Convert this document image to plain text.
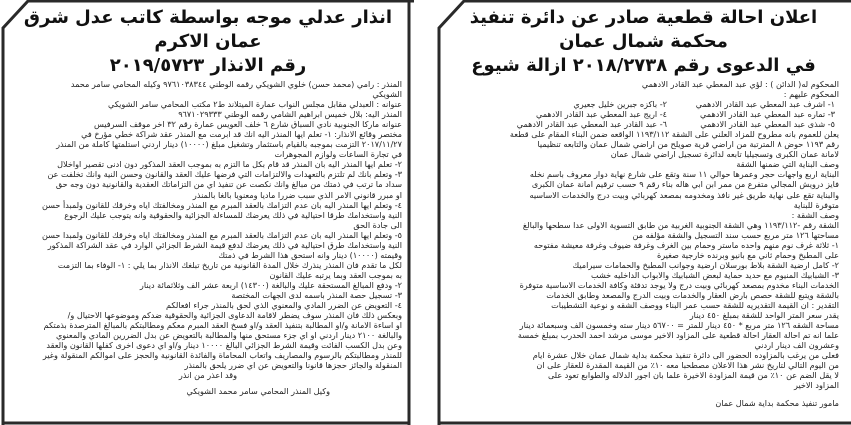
انذار عدلي موجه بواسطة كاتب عدل شرق عمان الاكرم
رقم الانذار ٢٠١٩/٥٧٢٣

المنذر : رامي (محمد حسن) خلوي الشويكي رقمه الوطني ٩٧٦١٠٣٨٣٤٤ وكيله المحامي سامر محمد

الشويكي

عنوانه : العبدلي مقابل مجلس النواب عمارة الميتلاند ط٢ مكتب المحامي سامر الشويكي

المنذر اليه: بلال خميس ابراهيم الشامي رقمه الوطني ٩٦٧١٠٢٩٣٣٣

عنوانه ماركا الجنوبية نادي السباق شارع ٦ خلف العويس عمارة رقم ٣٢ اخر موقف السرفيس

مختصر وقائع الانذار: ١- تعلم ايها المنذر اليه انك قد ابرمت مع المنذر عقد شراكة خطي مؤرخ في

٢٠١٧/١١/٢٧ التزمت بموجبه بالقيام باستثمار وتشغيل مبلغ (١٠٠٠٠) دينار اردني استلمتها كاملة من المنذر

في تجارة الساعات ولوازم المجوهرات

٢- تعلم ايها المنذر اليه بان المنذر قد قام بكل ما التزم به بموجب العقد المذكور دون ادنى تقصير اواخلال

٣- وتعلم بانك لم تلتزم بالتعهدات والالتزامات التي فرضها عليك العقد والقانون وحسن النية وانك تخلفت عن

سداد ما ترتب في ذمتك من مبالغ وانك نكصت عن تنفيذ اي من التزاماتك العقدية والقانونية دون وجه حق

او مبرر قانوني الامر الذي سبب ضررا ماديا ومعنويا بالغا بالمنذر

٤- وتعلم ايها المنذر اليه بان عدم التزامك بالعقد المبرم مع المنذر ومخالفتك اياه وخرقك للقانون ولمبدأ حسن

النية واستخدامك طرقا احتيالية في ذلك يعرضك للمساءلة الجزائية والحقوقية وانه يتوجب عليك الرجوع

الى جادة الحق

٥- وتعلم ايها المنذر اليه بان عدم التزامك بالعقد المبرم مع المنذر ومخالفتك اياه وخرقك للقانون ولمبدا حسن

النية واستخدامك طرق احتيالية في ذلك يعرضك لدفع قيمة الشرط الجزائي الوارد في عقد الشراكة المذكور

وقيمته (١٠٠٠٠) دينار وانه استحق هذا الشرط في ذمتك

لكل ما تقدم فان المنذر ينذرك خلال المدة القانونية من تاريخ تبلغك الانذار بما يلي : ١- الوفاء بما التزمت

به بموجب العقد وبما يرتبه عليك القانون

٢- ودفع المبالغ المستحقة عليك والبالغة (١٤٣٠٠) اربعة عشر الف وثلاثمائة دينار

٣- تسجيل حصة المنذر باسمه لدى الجهات المختصة

٤- التعويض عن الضرر المادي والمعنوي الذي لحق بالمنذر جراء افعالكم

وبعكس ذلك فان المنذر سوف يضطر لاقامة الدعاوى الجزائية والحقوقية ضدكم وموضوعها الاحتيال و/

او اساءة الامانة و/او المطالبة بتنفيذ العقد و/او فسخ العقد المبرم معكم ومطالبتكم بالمبالغ المترصدة بذمتكم

والبالغة ٢١٠٠ دينار اردني او اي جزء مستحق منها والمطالبة بالتعويض عن بدل الضررين المادي والمعنوي

وعن بدل الكسب الفائت وقيمة الشرط الجزائي البالغ ١٠٠٠٠ دينار و/او اي دعوى اخرى كفلها القانون والعقد

للمنذر ومطالبتكم بالرسوم والمصاريف واتعاب المحاماة والفائدة القانونية والحجز على اموالكم المنقولة وغير

المنقولة والجائز حجزها قانونا والتعويض عن اي ضرر يلحق بالمنذر

وقد اعذر من انذر

وكيل المنذر المحامي سامر محمد الشويكي

اعلان احالة قطعية صادر عن دائرة تنفيذ محكمة شمال عمان
في الدعوى رقم ٢٠١٨/٢٧٣٨ ازالة شيوع

المحكوم له( الدائن ) : لؤي عبد المعطي عبد القادر الادهمي

المحكوم عليهم :

١- اشرف عبد المعطي عبد القادر الادهمي
٢- باكزه جبرين خليل جعيري
٣- تماره عبد المعطي عبد القادر الادهمي
٤- اريج عبد المعطي عبد القادر الادهمي
٥- شذى عبد المعطي عبد القادر الادهمي
٦- عبد القادر عبد المعطي عبد القادر الادهمي

يعلن للعموم بانه مطروح للمزاد العلني على الشقة ١١٩٣/١١٢ الواقعه ضمن البناء المقام على قطعة

رقم ١١٩٣ حوض ٨ المترتبة من اراضي قرية صويلح من اراضي شمال عمان والتابعه تنظيميا

لامانة عمان الكبرى وتسجيليا تابعه لدائرة تسجيل اراضي شمال عمان

وصف البناية التي ضمنها الشقة

البناية اربع واجهات حجر وعمرها حوالي ١١ سنة وتقع على شارع نهاية دوار معروف باسم نخله

فايز درويش المجالي متفرع من ممر ابن ابي هاله بناء رقم ٩ حسب ترقيم امانة عمان الكبرى

والبناية تقع على نهاية طريق غير نافذ ومخدومه بمصعد كهربائي وبيت درج والخدمات الاساسيه

متوفرة للبناية

وصف الشقة :

الشقة رقم -١١٩٣/١١٢ وهي الشقة الجنوبية الغربية من طابق التسوية الاولى عدا سطحها والبالغ

مساحتها ١٢٦ متر مربع حسب سند التسجيل والشقة مؤلفه من

١- ثلاثة غرف نوم منهم واحده ماستر وحمام بين الغرف وغرفة ضيوف وغرفة معيشة مفتوحه

على المطبخ وحمام ثاني مع بانيو وبرنده خارجية صغيرة

٢- كامل ارضية الشقة بلاط بورسلان ارضية وجوانب المطبخ والحمامات سيراميك

٣- الشبابيك المنيوم مع حديد حماية لبعض الشبابيك والابواب الداخليه خشب

الخدمات البناء مخدوم بمصعد كهربائي وبيت درج ولا يوجد تدفئة وكافة الخدمات الاساسية متوفرة

بالشقة ويتبع للشقة حصص بارض العقار والخدمات وبيت الدرج والمصعد وطابق الخدمات

التقدير : ان القيمة التقديريه للشقة حسب عمر البناء ووصف الشقه و نوعية التشطيبات

يقدر سعر المتر الواحد للشقة بمبلغ ٤٥٠ دينار

مساحة الشقه ١٢٦ متر مربع * ٤٥٠ دينار للمتر = ٥٦٧٠٠ دينار سته وخمسون الف وسبعمائة دينار

علما انه تم احالة العقار احالة قطعية على المزاود الاخير موسى مرشد احمد الحدرب بمبلغ خمسة

وعشرون الف دينار اردني

فعلى من يرغب بالمزاوده الحضور الى دائرة تنفيذ محكمة بداية شمال عمان خلال عشرة ايام

من اليوم التالي لتاريخ نشر هذا الاعلان مصطحبا معه ١٠٪ من القيمة المقدرة للعقار على ان

لا يقل الضم عن ١٠٪ من قيمة المزاودة الاخيرة علما بان اجور الدلاله والطوابع تعود على

المزاود الاخير

مامور تنفيذ محكمة بداية شمال عمان
